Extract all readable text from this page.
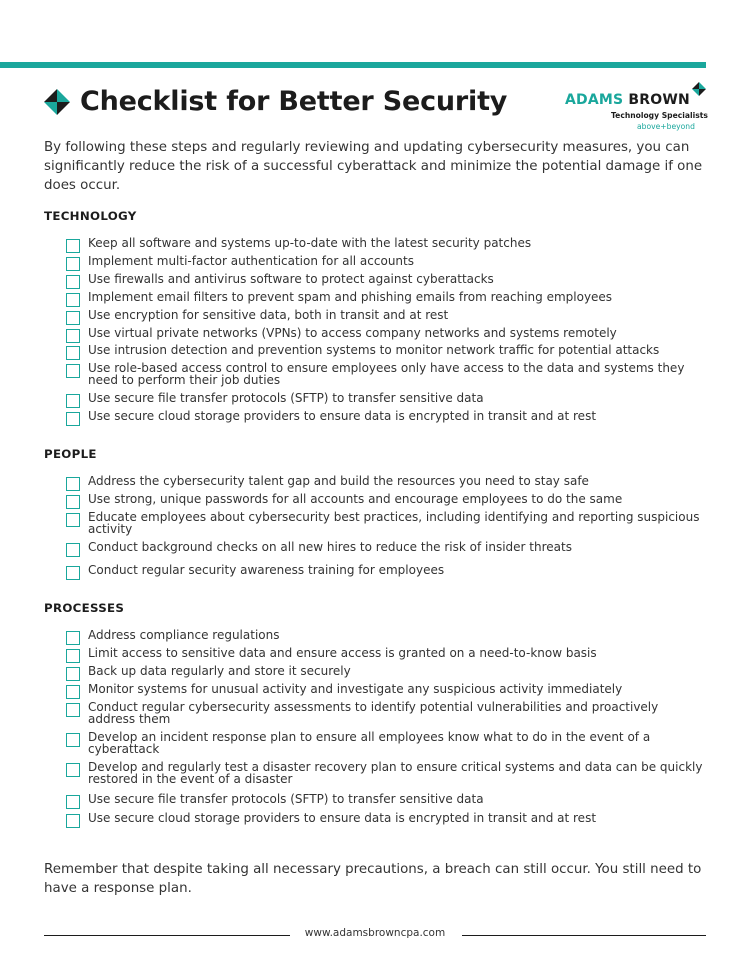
Checklist for Better Security	ADAMS BROWN
Technology Specialists
above+beyond
By following these steps and regularly reviewing and updating cybersecurity measures, you can significantly reduce the risk of a successful cyberattack and minimize the potential damage if one does occur.
TECHNOLOGY
Keep all software and systems up-to-date with the latest security patches
Implement multi-factor authentication for all accounts
Use firewalls and antivirus software to protect against cyberattacks
Implement email filters to prevent spam and phishing emails from reaching employees
Use encryption for sensitive data, both in transit and at rest
Use virtual private networks (VPNs) to access company networks and systems remotely
Use intrusion detection and prevention systems to monitor network traffic for potential attacks
Use role-based access control to ensure employees only have access to the data and systems they need to perform their job duties
Use secure file transfer protocols (SFTP) to transfer sensitive data
Use secure cloud storage providers to ensure data is encrypted in transit and at rest
PEOPLE
Address the cybersecurity talent gap and build the resources you need to stay safe
Use strong, unique passwords for all accounts and encourage employees to do the same
Educate employees about cybersecurity best practices, including identifying and reporting suspicious activity
Conduct background checks on all new hires to reduce the risk of insider threats
Conduct regular security awareness training for employees
PROCESSES
Address compliance regulations
Limit access to sensitive data and ensure access is granted on a need-to-know basis
Back up data regularly and store it securely
Monitor systems for unusual activity and investigate any suspicious activity immediately
Conduct regular cybersecurity assessments to identify potential vulnerabilities and proactively address them
Develop an incident response plan to ensure all employees know what to do in the event of a cyberattack
Develop and regularly test a disaster recovery plan to ensure critical systems and data can be quickly restored in the event of a disaster
Use secure file transfer protocols (SFTP) to transfer sensitive data
Use secure cloud storage providers to ensure data is encrypted in transit and at rest
Remember that despite taking all necessary precautions, a breach can still occur. You still need to have a response plan.
www.adamsbrowncpa.com
